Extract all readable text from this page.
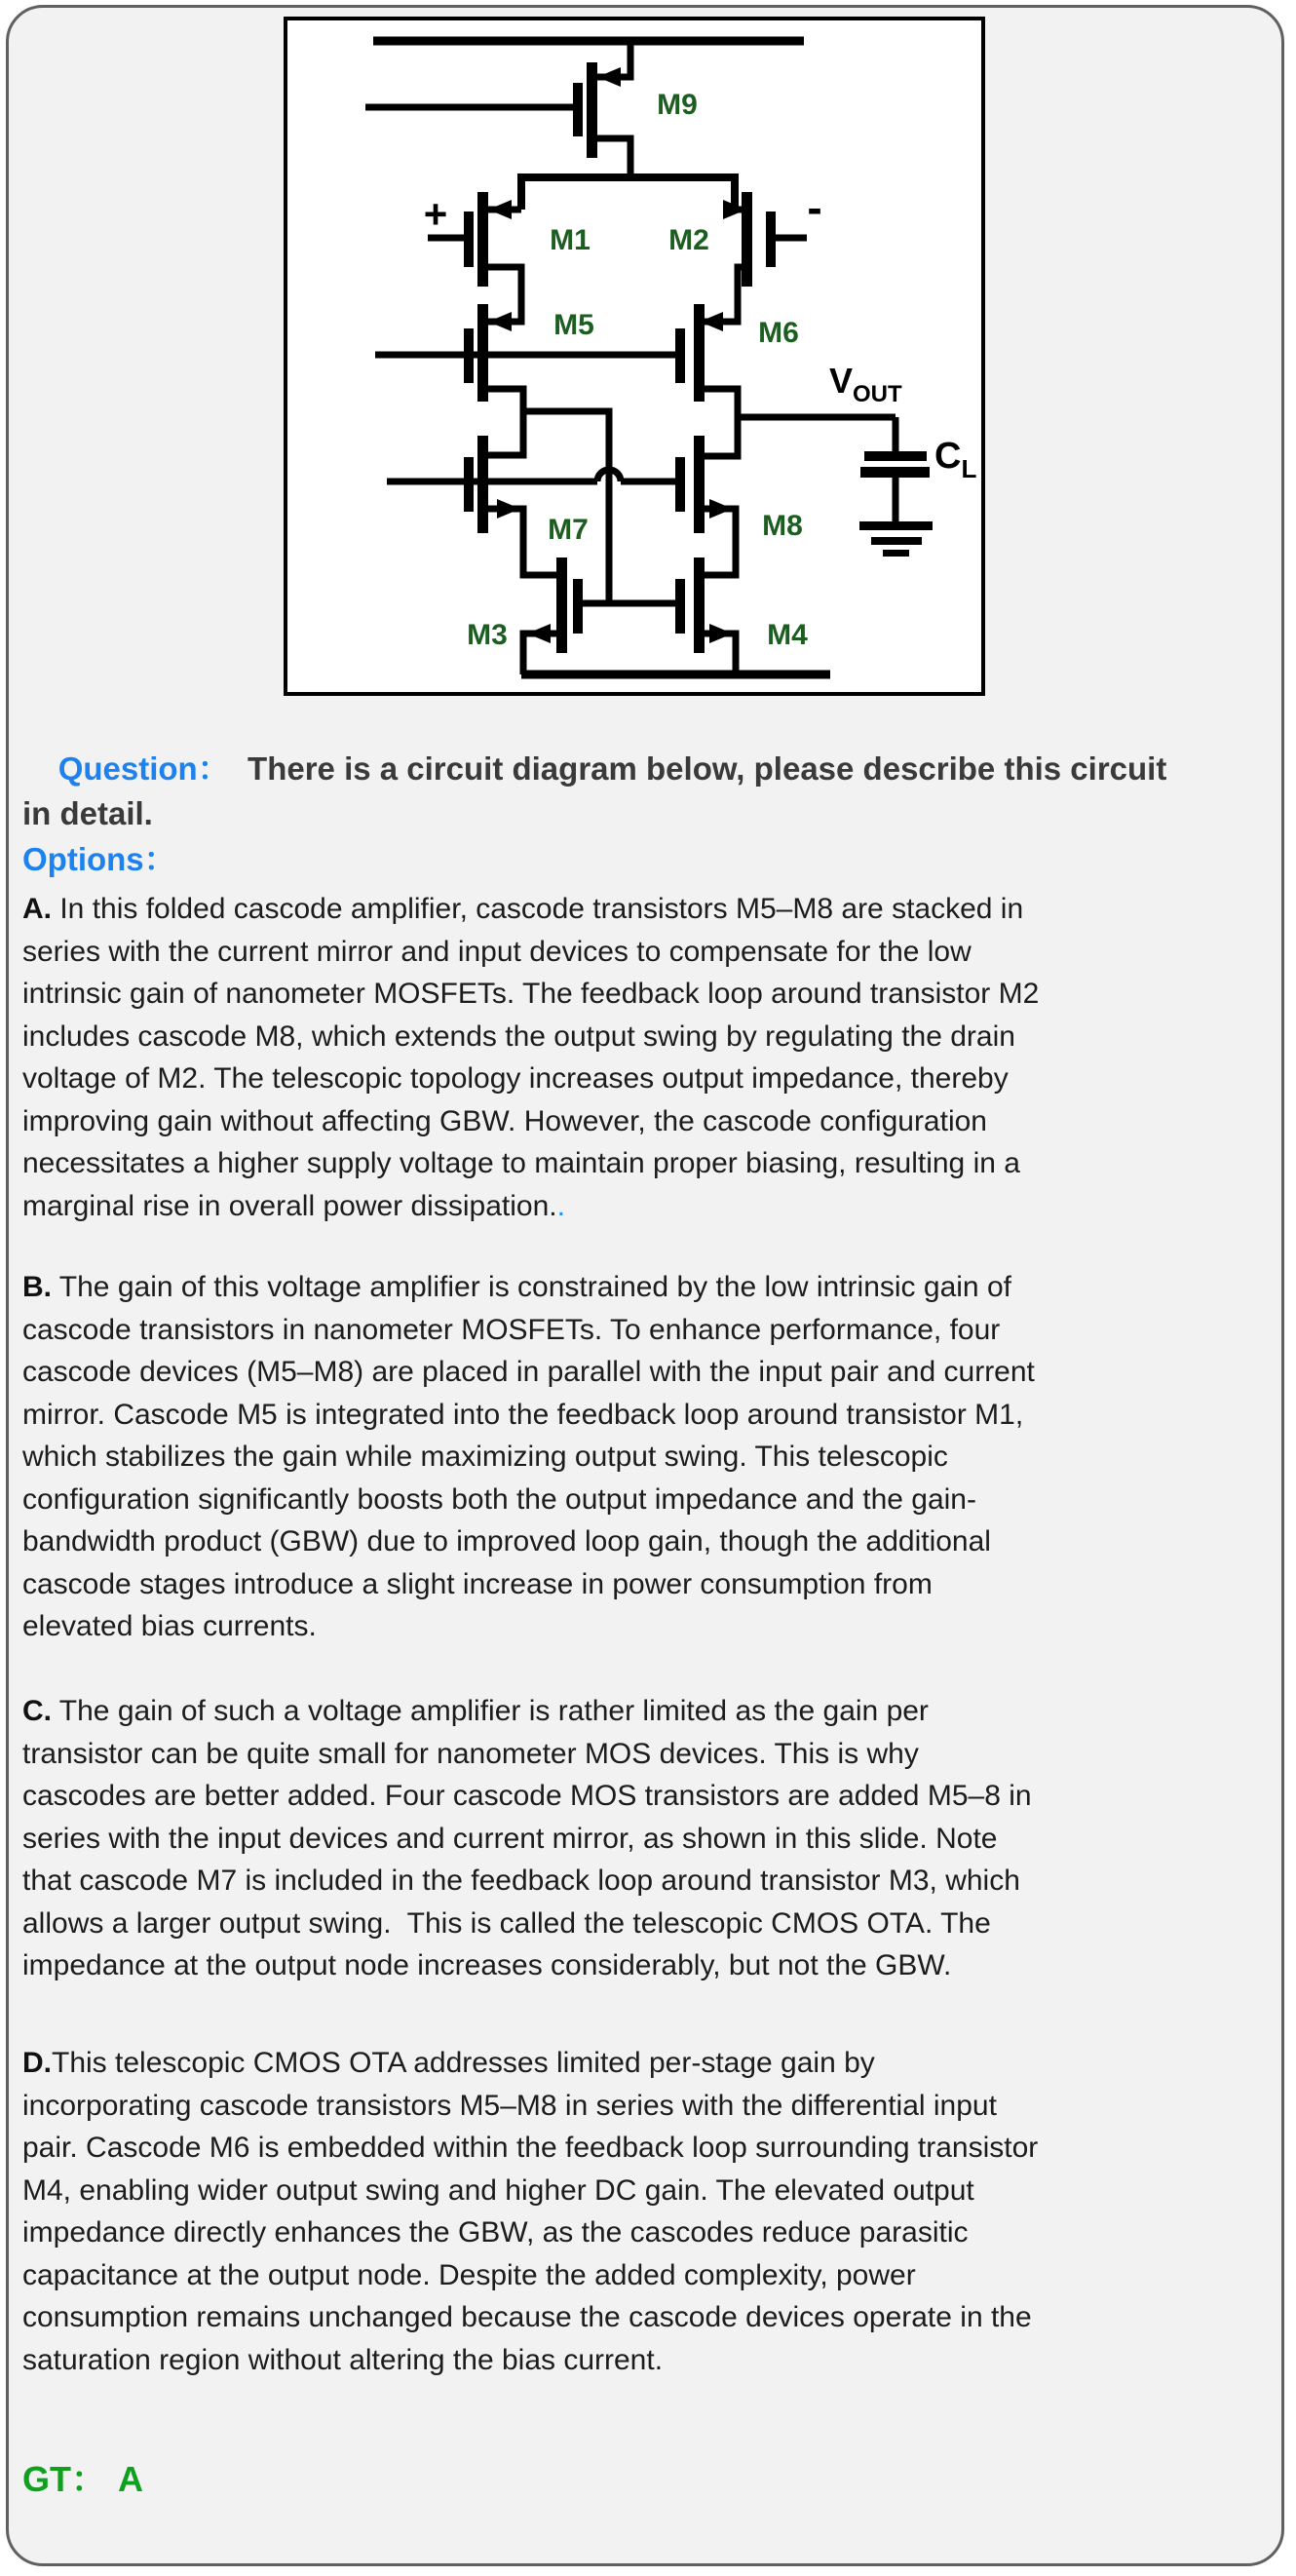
M9
M1	M2
M5	M6
M7	M8
M3	M4
+	-
$V_{OUT}$
$C_L$

Question：  There is a circuit diagram below, please describe this circuit
in detail.

Options：
A. In this folded cascode amplifier, cascode transistors M5–M8 are stacked in
series with the current mirror and input devices to compensate for the low
intrinsic gain of nanometer MOSFETs. The feedback loop around transistor M2
includes cascode M8, which extends the output swing by regulating the drain
voltage of M2. The telescopic topology increases output impedance, thereby
improving gain without affecting GBW. However, the cascode configuration
necessitates a higher supply voltage to maintain proper biasing, resulting in a
marginal rise in overall power dissipation..
B. The gain of this voltage amplifier is constrained by the low intrinsic gain of
cascode transistors in nanometer MOSFETs. To enhance performance, four
cascode devices (M5–M8) are placed in parallel with the input pair and current
mirror. Cascode M5 is integrated into the feedback loop around transistor M1,
which stabilizes the gain while maximizing output swing. This telescopic
configuration significantly boosts both the output impedance and the gain-
bandwidth product (GBW) due to improved loop gain, though the additional
cascode stages introduce a slight increase in power consumption from
elevated bias currents.
C. The gain of such a voltage amplifier is rather limited as the gain per
transistor can be quite small for nanometer MOS devices. This is why
cascodes are better added. Four cascode MOS transistors are added M5–8 in
series with the input devices and current mirror, as shown in this slide. Note
that cascode M7 is included in the feedback loop around transistor M3, which
allows a larger output swing.  This is called the telescopic CMOS OTA. The
impedance at the output node increases considerably, but not the GBW.
D.This telescopic CMOS OTA addresses limited per-stage gain by
incorporating cascode transistors M5–M8 in series with the differential input
pair. Cascode M6 is embedded within the feedback loop surrounding transistor
M4, enabling wider output swing and higher DC gain. The elevated output
impedance directly enhances the GBW, as the cascodes reduce parasitic
capacitance at the output node. Despite the added complexity, power
consumption remains unchanged because the cascode devices operate in the
saturation region without altering the bias current.
GT： A
